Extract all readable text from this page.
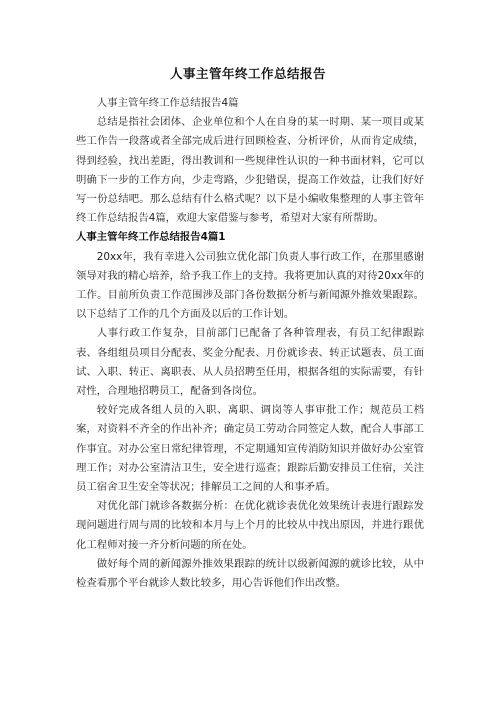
人事主管年终工作总结报告

人事主管年终工作总结报告4篇

总结是指社会团体、企业单位和个人在自身的某一时期、某一项目或某些工作告一段落或者全部完成后进行回顾检查、分析评价，从而肯定成绩，得到经验，找出差距，得出教训和一些规律性认识的一种书面材料，它可以明确下一步的工作方向，少走弯路，少犯错误，提高工作效益，让我们好好写一份总结吧。那么总结有什么格式呢？以下是小编收集整理的人事主管年终工作总结报告4篇，欢迎大家借鉴与参考，希望对大家有所帮助。

人事主管年终工作总结报告4篇1

20xx年，我有幸进入公司独立优化部门负责人事行政工作，在那里感谢领导对我的精心培养，给予我工作上的支持。我将更加认真的对待20xx年的工作。目前所负责工作范围涉及部门各份数据分析与新闻源外推效果跟踪。以下总结了工作的几个方面及以后的工作计划。

人事行政工作复杂，目前部门已配备了各种管理表，有员工纪律跟踪表、各组组员项目分配表、奖金分配表、月份就诊表、转正试题表、员工面试、入职、转正、离职表、从人员招聘至任用，根据各组的实际需要，有针对性，合理地招聘员工，配备到各岗位。

较好完成各组人员的入职、离职、调岗等人事审批工作；规范员工档案，对资料不齐全的作出补齐；确定员工劳动合同签定人数，配合人事部工作事宜。对办公室日常纪律管理，不定期通知宣传消防知识并做好办公室管理工作；对办公室清洁卫生，安全进行巡查；跟踪后勤安排员工住宿，关注员工宿舍卫生安全等状况；排解员工之间的人和事矛盾。

对优化部门就诊各数据分析：在优化就诊表优化效果统计表进行跟踪发现问题进行周与周的比较和本月与上个月的比较从中找出原因，并进行跟优化工程师对接一齐分析问题的所在处。

做好每个周的新闻源外推效果跟踪的统计以级新闻源的就诊比较，从中检查看那个平台就诊人数比较多，用心告诉他们作出改整。
